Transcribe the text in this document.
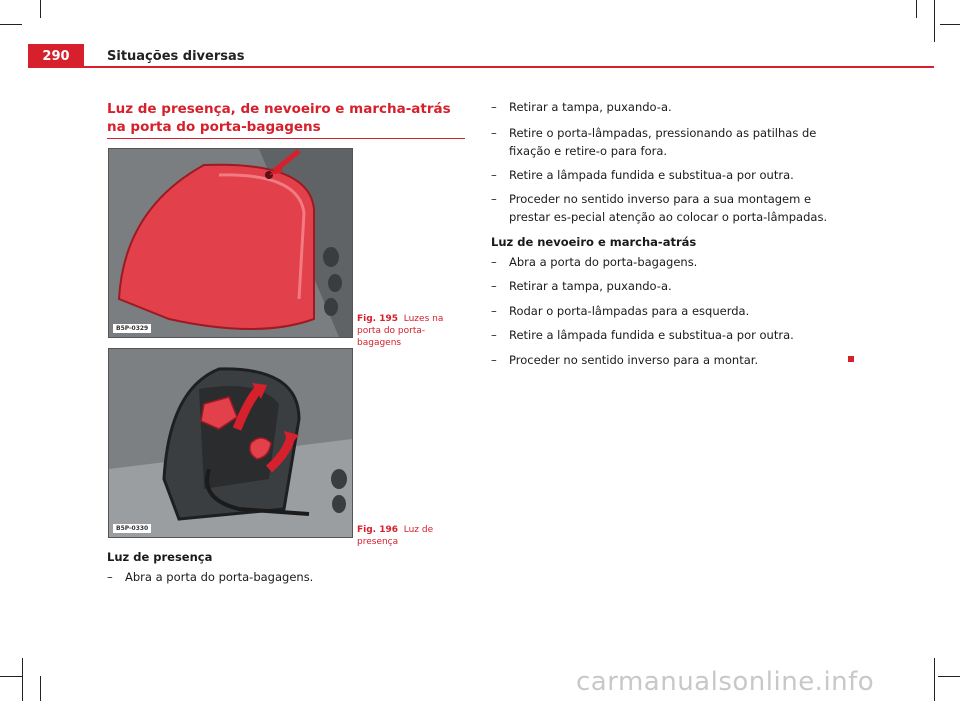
290	Situações diversas
Luz de presença, de nevoeiro e marcha-atrás na porta do porta-bagagens
B5P-0329
Fig. 195 Luzes na porta do porta-bagagens
B5P-0330	Fig. 196 Luz de presença
Luz de presença
– Abra a porta do porta-bagagens.
– Retirar a tampa, puxando-a.
– Retire o porta-lâmpadas, pressionando as patilhas de fixação e retire-o para fora.
– Retire a lâmpada fundida e substitua-a por outra.
– Proceder no sentido inverso para a sua montagem e prestar es-pecial atenção ao colocar o porta-lâmpadas.
Luz de nevoeiro e marcha-atrás
– Abra a porta do porta-bagagens.
– Retirar a tampa, puxando-a.
– Rodar o porta-lâmpadas para a esquerda.
– Retire a lâmpada fundida e substitua-a por outra.
– Proceder no sentido inverso para a montar.
carmanualsonline.info
